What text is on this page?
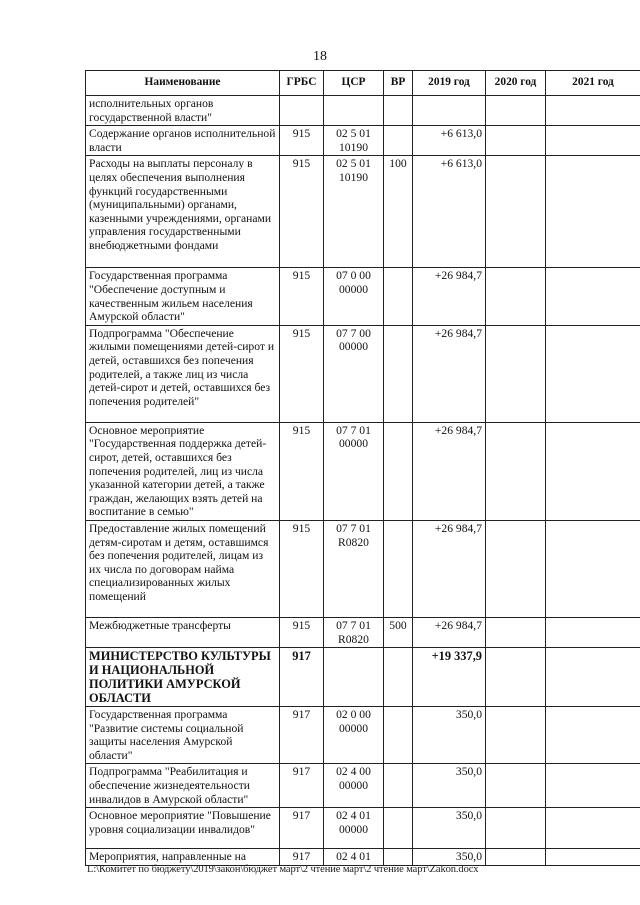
18
Наименование	ГРБС	ЦСР	ВР	2019 год	2020 год	2021 год
исполнительных органов государственной власти"						
Содержание органов исполнительной власти	915	02 5 01 10190		+6 613,0		
Расходы на выплаты персоналу в целях обеспечения выполнения функций государственными (муниципальными) органами, казенными учреждениями, органами управления государственными внебюджетными фондами	915	02 5 01 10190	100	+6 613,0		
Государственная программа "Обеспечение доступным и качественным жильем населения Амурской области"	915	07 0 00 00000		+26 984,7		
Подпрограмма "Обеспечение жилыми помещениями детей-сирот и детей, оставшихся без попечения родителей, а также лиц из числа детей-сирот и детей, оставшихся без попечения родителей"	915	07 7 00 00000		+26 984,7		
Основное мероприятие "Государственная поддержка детей-сирот, детей, оставшихся без попечения родителей, лиц из числа указанной категории детей, а также граждан, желающих взять детей на воспитание в семью"	915	07 7 01 00000		+26 984,7		
Предоставление жилых помещений детям-сиротам и детям, оставшимся без попечения родителей, лицам из их числа по договорам найма специализированных жилых помещений	915	07 7 01 R0820		+26 984,7		
Межбюджетные трансферты	915	07 7 01 R0820	500	+26 984,7		
МИНИСТЕРСТВО КУЛЬТУРЫ И НАЦИОНАЛЬНОЙ ПОЛИТИКИ АМУРСКОЙ ОБЛАСТИ	917			+19 337,9		
Государственная программа "Развитие системы социальной защиты населения Амурской области"	917	02 0 00 00000		350,0		
Подпрограмма "Реабилитация и обеспечение жизнедеятельности инвалидов в Амурской области"	917	02 4 00 00000		350,0		
Основное мероприятие "Повышение уровня социализации инвалидов"	917	02 4 01 00000		350,0		
Мероприятия, направленные на	917	02 4 01		350,0		
L:\Комитет по бюджету\2019\закон\бюджет март\2 чтение март\2 чтение март\Zakon.docx
